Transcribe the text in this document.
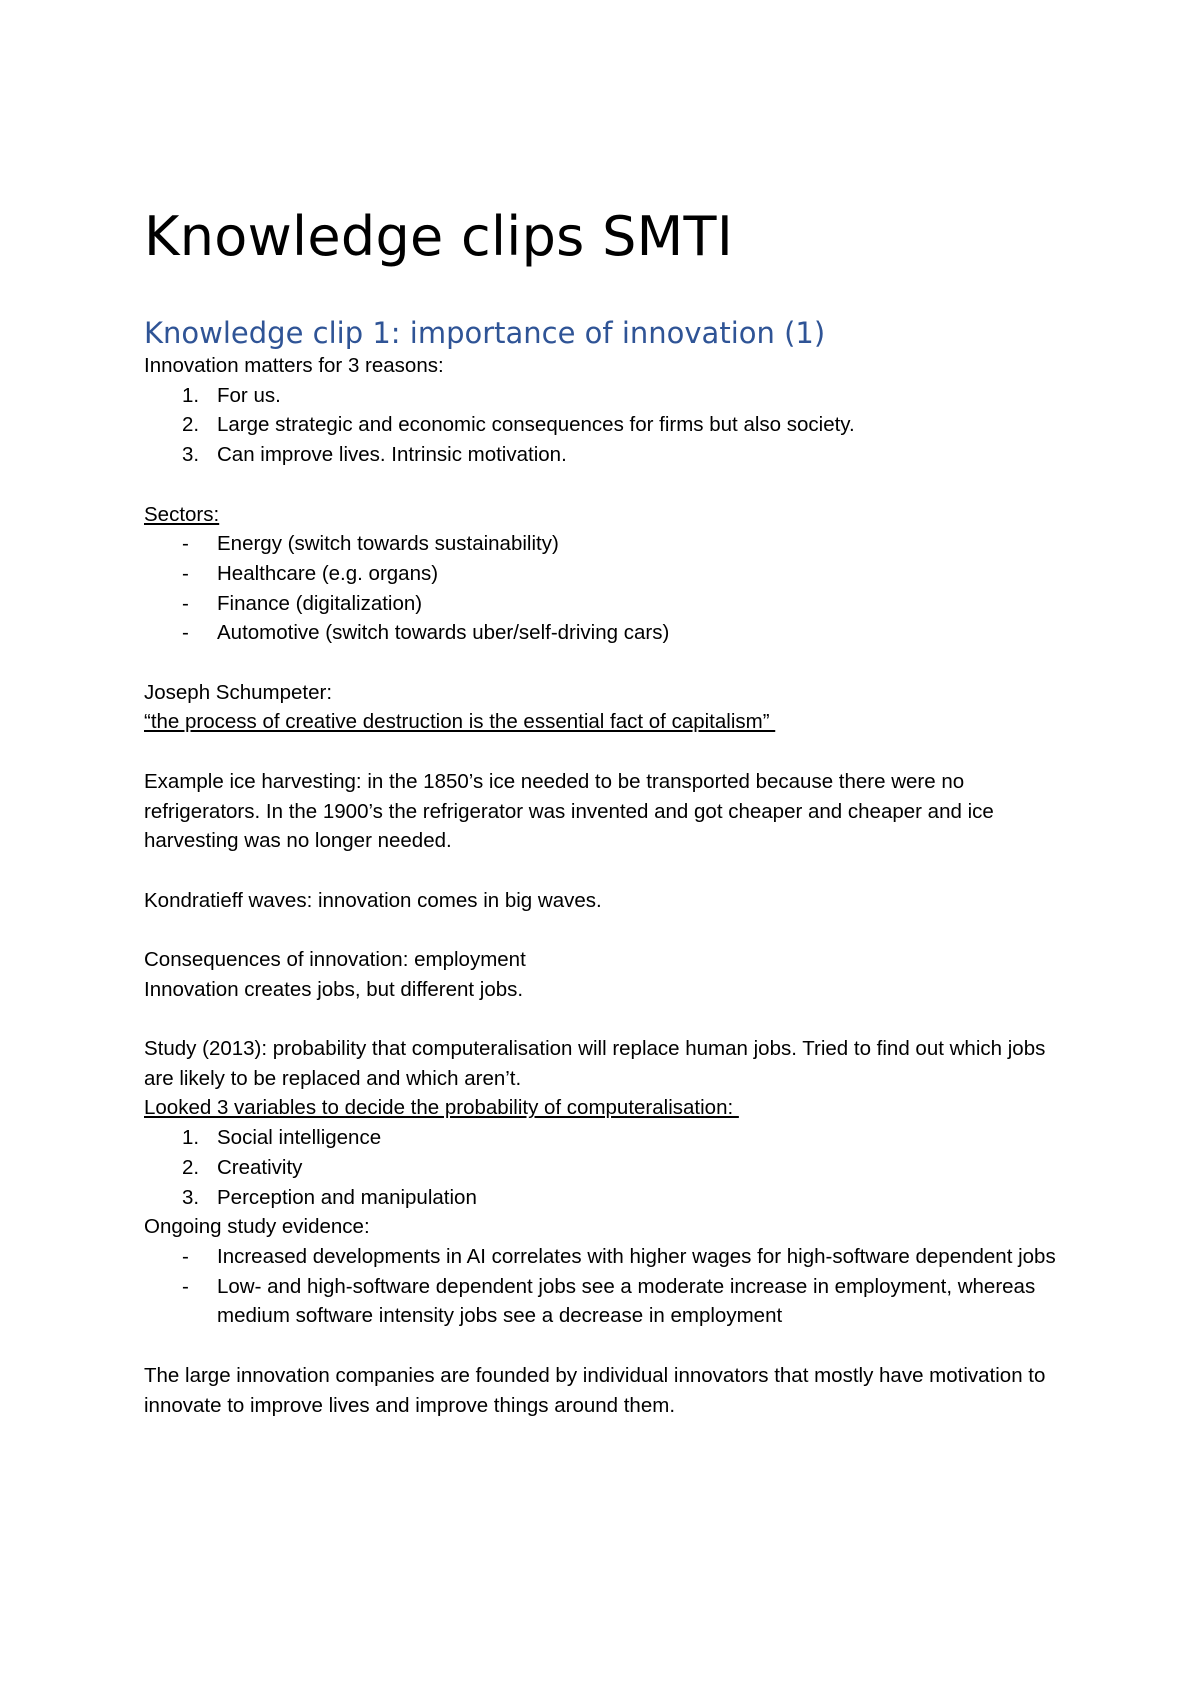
Knowledge clips SMTI
Knowledge clip 1: importance of innovation (1)

Innovation matters for 3 reasons:

1. For us.
2. Large strategic and economic consequences for firms but also society.
3. Can improve lives. Intrinsic motivation.

Sectors:

- Energy (switch towards sustainability)
- Healthcare (e.g. organs)
- Finance (digitalization)
- Automotive (switch towards uber/self-driving cars)

Joseph Schumpeter:

“the process of creative destruction is the essential fact of capitalism”

Example ice harvesting: in the 1850’s ice needed to be transported because there were no refrigerators. In the 1900’s the refrigerator was invented and got cheaper and cheaper and ice harvesting was no longer needed.

Kondratieff waves: innovation comes in big waves.

Consequences of innovation: employment

Innovation creates jobs, but different jobs.

Study (2013): probability that computeralisation will replace human jobs. Tried to find out which jobs are likely to be replaced and which aren’t.

Looked 3 variables to decide the probability of computeralisation:

1. Social intelligence
2. Creativity
3. Perception and manipulation

Ongoing study evidence:

- Increased developments in AI correlates with higher wages for high-software dependent jobs
- Low- and high-software dependent jobs see a moderate increase in employment, whereas medium software intensity jobs see a decrease in employment

The large innovation companies are founded by individual innovators that mostly have motivation to innovate to improve lives and improve things around them.
